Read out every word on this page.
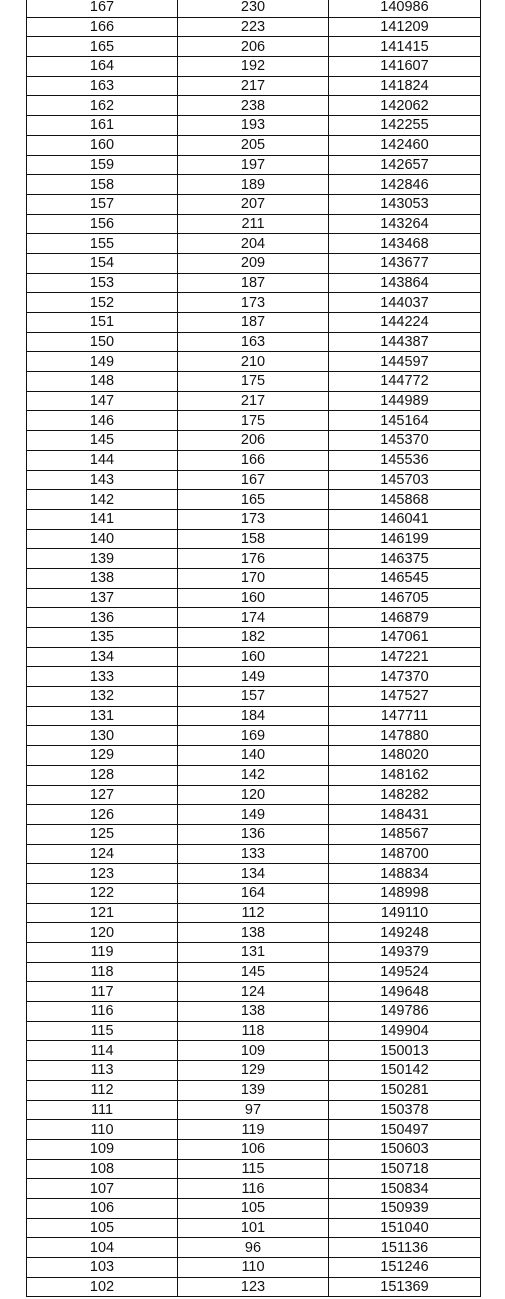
167	230	140986
166	223	141209
165	206	141415
164	192	141607
163	217	141824
162	238	142062
161	193	142255
160	205	142460
159	197	142657
158	189	142846
157	207	143053
156	211	143264
155	204	143468
154	209	143677
153	187	143864
152	173	144037
151	187	144224
150	163	144387
149	210	144597
148	175	144772
147	217	144989
146	175	145164
145	206	145370
144	166	145536
143	167	145703
142	165	145868
141	173	146041
140	158	146199
139	176	146375
138	170	146545
137	160	146705
136	174	146879
135	182	147061
134	160	147221
133	149	147370
132	157	147527
131	184	147711
130	169	147880
129	140	148020
128	142	148162
127	120	148282
126	149	148431
125	136	148567
124	133	148700
123	134	148834
122	164	148998
121	112	149110
120	138	149248
119	131	149379
118	145	149524
117	124	149648
116	138	149786
115	118	149904
114	109	150013
113	129	150142
112	139	150281
111	97	150378
110	119	150497
109	106	150603
108	115	150718
107	116	150834
106	105	150939
105	101	151040
104	96	151136
103	110	151246
102	123	151369
